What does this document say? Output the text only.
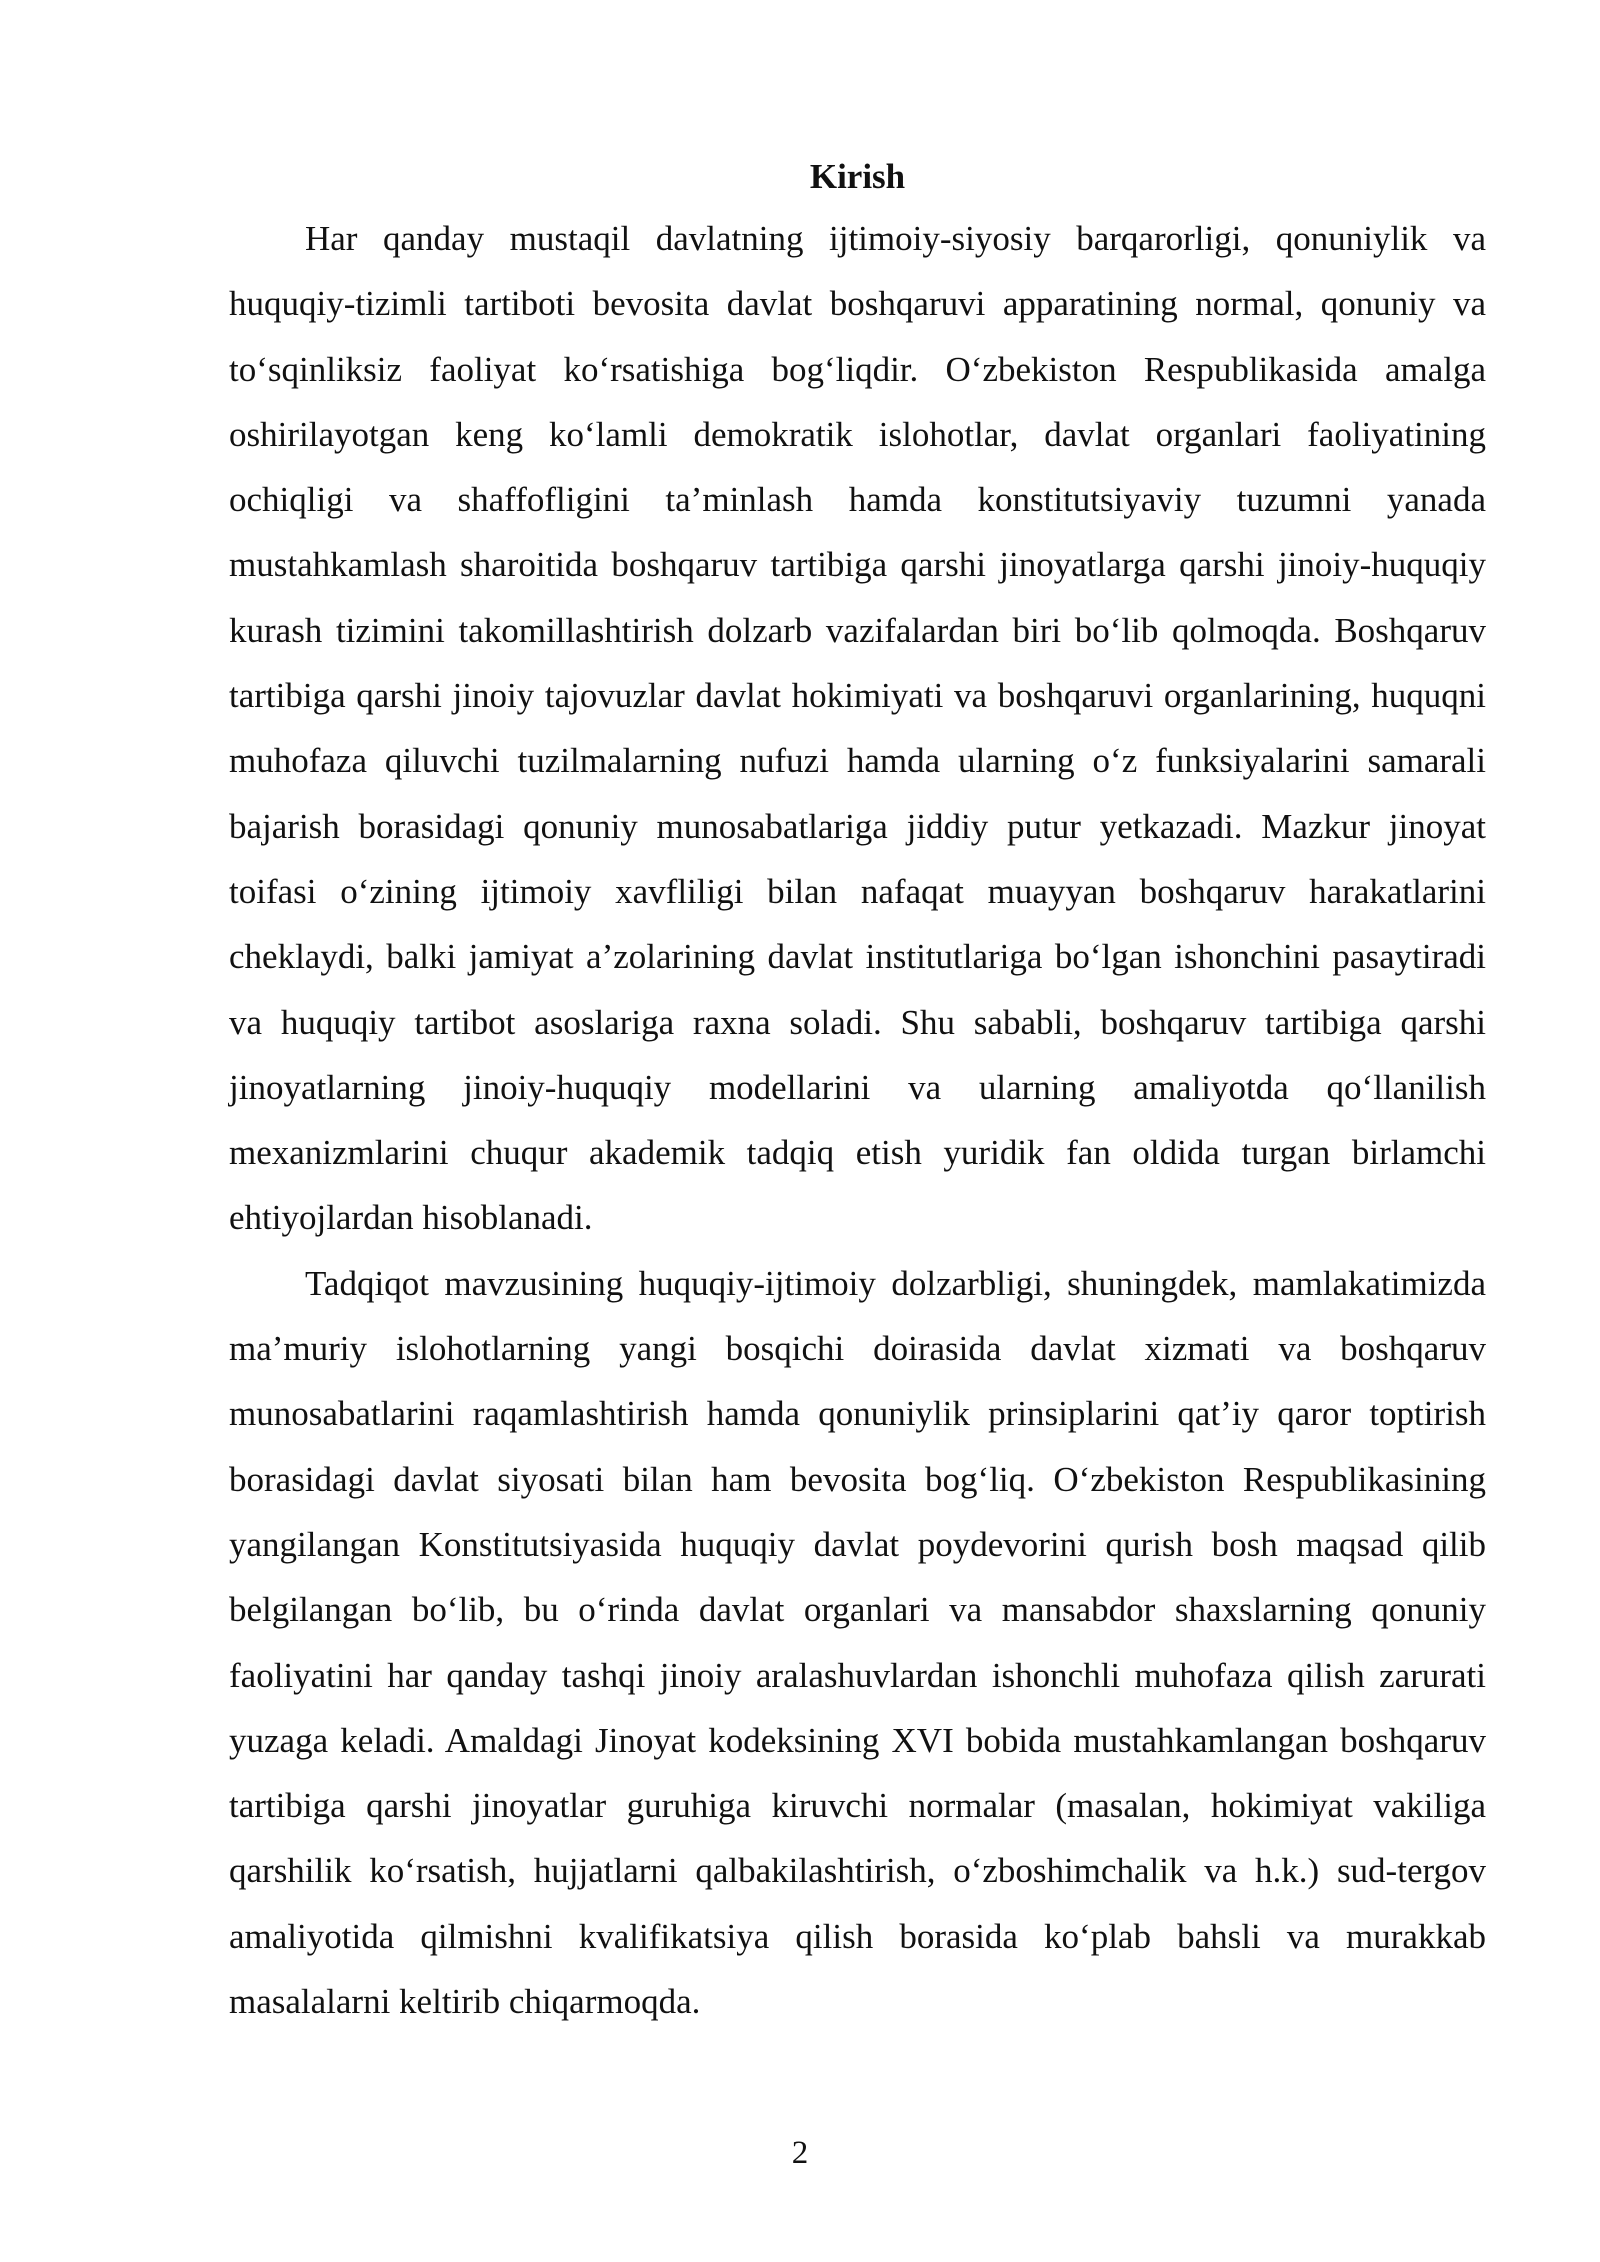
Kirish

Har qanday mustaqil davlatning ijtimoiy-siyosiy barqarorligi, qonuniylik va huquqiy-tizimli tartiboti bevosita davlat boshqaruvi apparatining normal, qonuniy va to‘sqinliksiz faoliyat ko‘rsatishiga bog‘liqdir. O‘zbekiston Respublikasida amalga oshirilayotgan keng ko‘lamli demokratik islohotlar, davlat organlari faoliyatining ochiqligi va shaffofligini ta’minlash hamda konstitutsiyaviy tuzumni yanada mustahkamlash sharoitida boshqaruv tartibiga qarshi jinoyatlarga qarshi jinoiy-huquqiy kurash tizimini takomillashtirish dolzarb vazifalardan biri bo‘lib qolmoqda. Boshqaruv tartibiga qarshi jinoiy tajovuzlar davlat hokimiyati va boshqaruvi organlarining, huquqni muhofaza qiluvchi tuzilmalarning nufuzi hamda ularning o‘z funksiyalarini samarali bajarish borasidagi qonuniy munosabatlariga jiddiy putur yetkazadi. Mazkur jinoyat toifasi o‘zining ijtimoiy xavfliligi bilan nafaqat muayyan boshqaruv harakatlarini cheklaydi, balki jamiyat a’zolarining davlat institutlariga bo‘lgan ishonchini pasaytiradi va huquqiy tartibot asoslariga raxna soladi. Shu sababli, boshqaruv tartibiga qarshi jinoyatlarning jinoiy-huquqiy modellarini va ularning amaliyotda qo‘llanilish mexanizmlarini chuqur akademik tadqiq etish yuridik fan oldida turgan birlamchi ehtiyojlardan hisoblanadi.

Tadqiqot mavzusining huquqiy-ijtimoiy dolzarbligi, shuningdek, mamlakatimizda ma’muriy islohotlarning yangi bosqichi doirasida davlat xizmati va boshqaruv munosabatlarini raqamlashtirish hamda qonuniylik prinsiplarini qat’iy qaror toptirish borasidagi davlat siyosati bilan ham bevosita bog‘liq. O‘zbekiston Respublikasining yangilangan Konstitutsiyasida huquqiy davlat poydevorini qurish bosh maqsad qilib belgilangan bo‘lib, bu o‘rinda davlat organlari va mansabdor shaxslarning qonuniy faoliyatini har qanday tashqi jinoiy aralashuvlardan ishonchli muhofaza qilish zarurati yuzaga keladi. Amaldagi Jinoyat kodeksining XVI bobida mustahkamlangan boshqaruv tartibiga qarshi jinoyatlar guruhiga kiruvchi normalar (masalan, hokimiyat vakiliga qarshilik ko‘rsatish, hujjatlarni qalbakilashtirish, o‘zboshimchalik va h.k.) sud-tergov amaliyotida qilmishni kvalifikatsiya qilish borasida ko‘plab bahsli va murakkab masalalarni keltirib chiqarmoqda.

2
